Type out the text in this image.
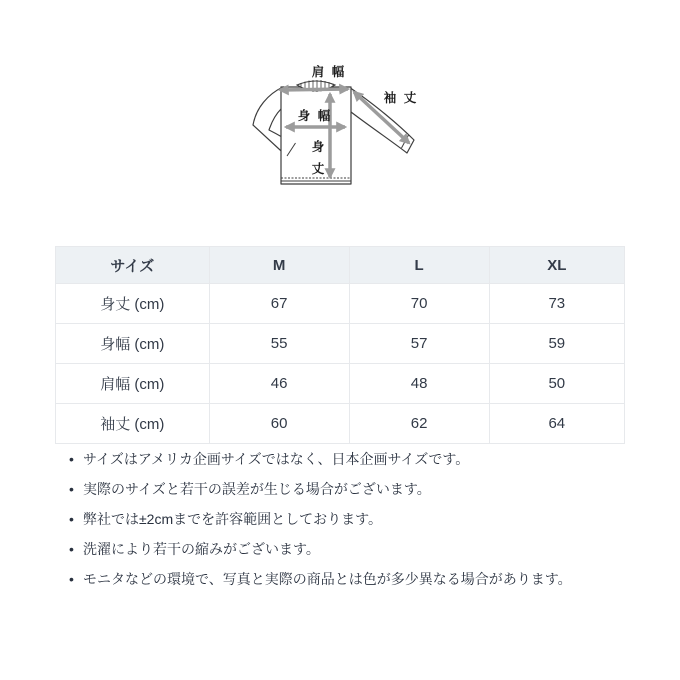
肩 幅
袖 丈
身 幅
身
丈
サイズ	M	L	XL
身丈 (cm)	67	70	73
身幅 (cm)	55	57	59
肩幅 (cm)	46	48	50
袖丈 (cm)	60	62	64
• サイズはアメリカ企画サイズではなく、日本企画サイズです。
• 実際のサイズと若干の誤差が生じる場合がございます。
• 弊社では±2cmまでを許容範囲としております。
• 洗濯により若干の縮みがございます。
• モニタなどの環境で、写真と実際の商品とは色が多少異なる場合があります。
